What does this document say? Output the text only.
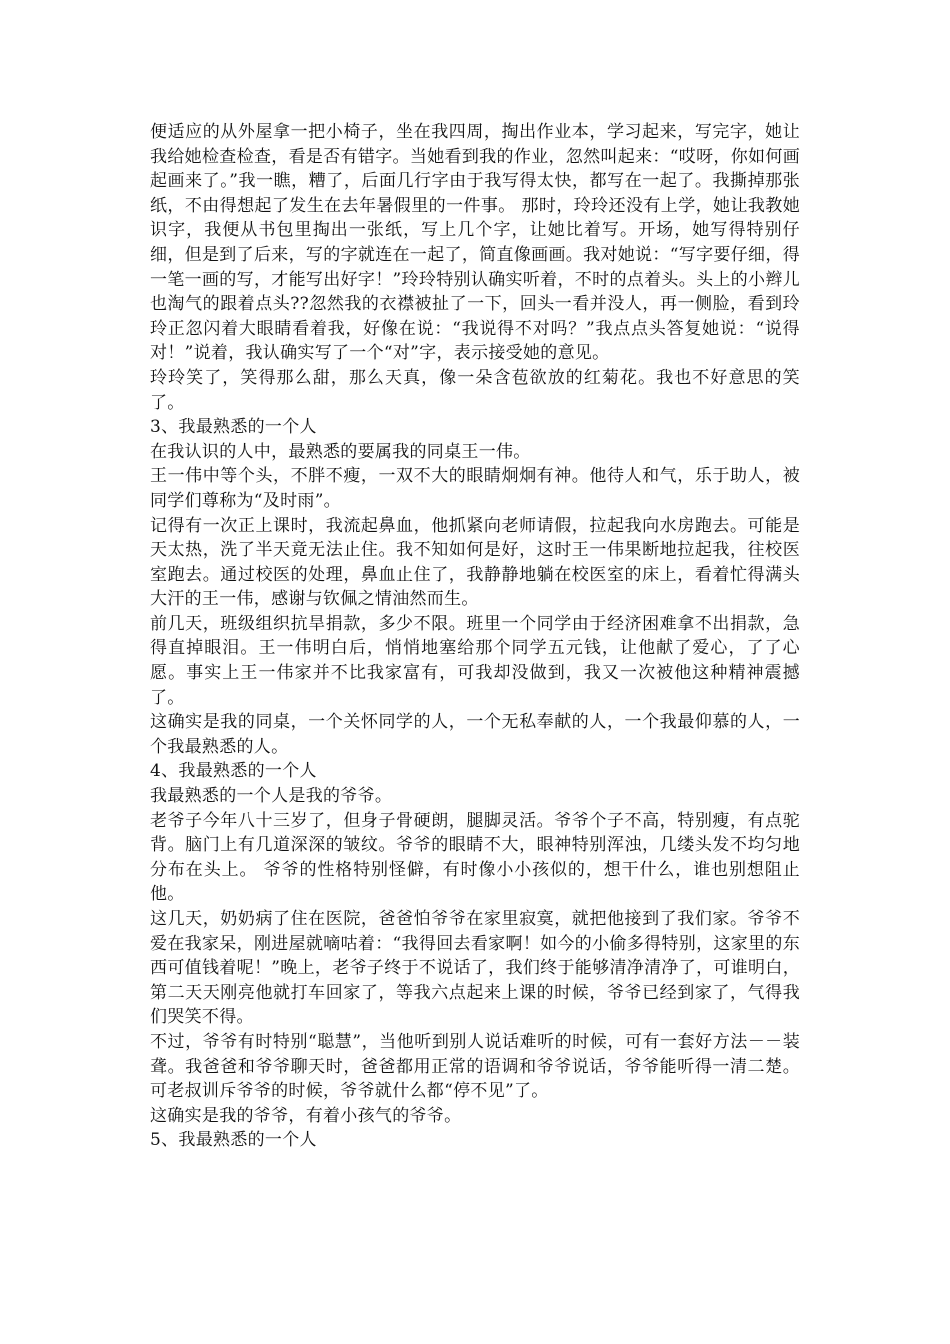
便适应的从外屋拿一把小椅子，坐在我四周，掏出作业本，学习起来，写完字，她让我给她检查检查，看是否有错字。当她看到我的作业，忽然叫起来：“哎呀，你如何画起画来了。”我一瞧，糟了，后面几行字由于我写得太快，都写在一起了。我撕掉那张纸，不由得想起了发生在去年暑假里的一件事。 那时，玲玲还没有上学，她让我教她识字，我便从书包里掏出一张纸，写上几个字，让她比着写。开场，她写得特别仔细，但是到了后来，写的字就连在一起了，简直像画画。我对她说：“写字要仔细，得一笔一画的写，才能写出好字！”玲玲特别认确实听着，不时的点着头。头上的小辫儿也淘气的跟着点头??忽然我的衣襟被扯了一下，回头一看并没人，再一侧脸，看到玲玲正忽闪着大眼睛看着我，好像在说：“我说得不对吗？”我点点头答复她说：“说得对！”说着，我认确实写了一个“对”字，表示接受她的意见。

玲玲笑了，笑得那么甜，那么天真，像一朵含苞欲放的红菊花。我也不好意思的笑了。

3、我最熟悉的一个人

在我认识的人中，最熟悉的要属我的同桌王一伟。

王一伟中等个头，不胖不瘦，一双不大的眼睛炯炯有神。他待人和气，乐于助人，被同学们尊称为“及时雨”。

记得有一次正上课时，我流起鼻血，他抓紧向老师请假，拉起我向水房跑去。可能是天太热，洗了半天竟无法止住。我不知如何是好，这时王一伟果断地拉起我，往校医室跑去。通过校医的处理，鼻血止住了，我静静地躺在校医室的床上，看着忙得满头大汗的王一伟，感谢与钦佩之情油然而生。

前几天，班级组织抗旱捐款，多少不限。班里一个同学由于经济困难拿不出捐款，急得直掉眼泪。王一伟明白后，悄悄地塞给那个同学五元钱，让他献了爱心，了了心愿。事实上王一伟家并不比我家富有，可我却没做到，我又一次被他这种精神震撼了。

这确实是我的同桌，一个关怀同学的人，一个无私奉献的人，一个我最仰慕的人，一个我最熟悉的人。

4、我最熟悉的一个人

我最熟悉的一个人是我的爷爷。

老爷子今年八十三岁了，但身子骨硬朗，腿脚灵活。爷爷个子不高，特别瘦，有点驼背。脑门上有几道深深的皱纹。爷爷的眼睛不大，眼神特别浑浊，几缕头发不均匀地分布在头上。 爷爷的性格特别怪僻，有时像小小孩似的，想干什么，谁也别想阻止他。

这几天，奶奶病了住在医院，爸爸怕爷爷在家里寂寞，就把他接到了我们家。爷爷不爱在我家呆，刚进屋就嘀咕着：“我得回去看家啊！如今的小偷多得特别，这家里的东西可值钱着呢！”晚上，老爷子终于不说话了，我们终于能够清净清净了，可谁明白，第二天天刚亮他就打车回家了，等我六点起来上课的时候，爷爷已经到家了，气得我们哭笑不得。

不过，爷爷有时特别“聪慧”，当他听到别人说话难听的时候，可有一套好方法－－装聋。我爸爸和爷爷聊天时，爸爸都用正常的语调和爷爷说话，爷爷能听得一清二楚。可老叔训斥爷爷的时候，爷爷就什么都“停不见”了。

这确实是我的爷爷，有着小孩气的爷爷。

5、我最熟悉的一个人
